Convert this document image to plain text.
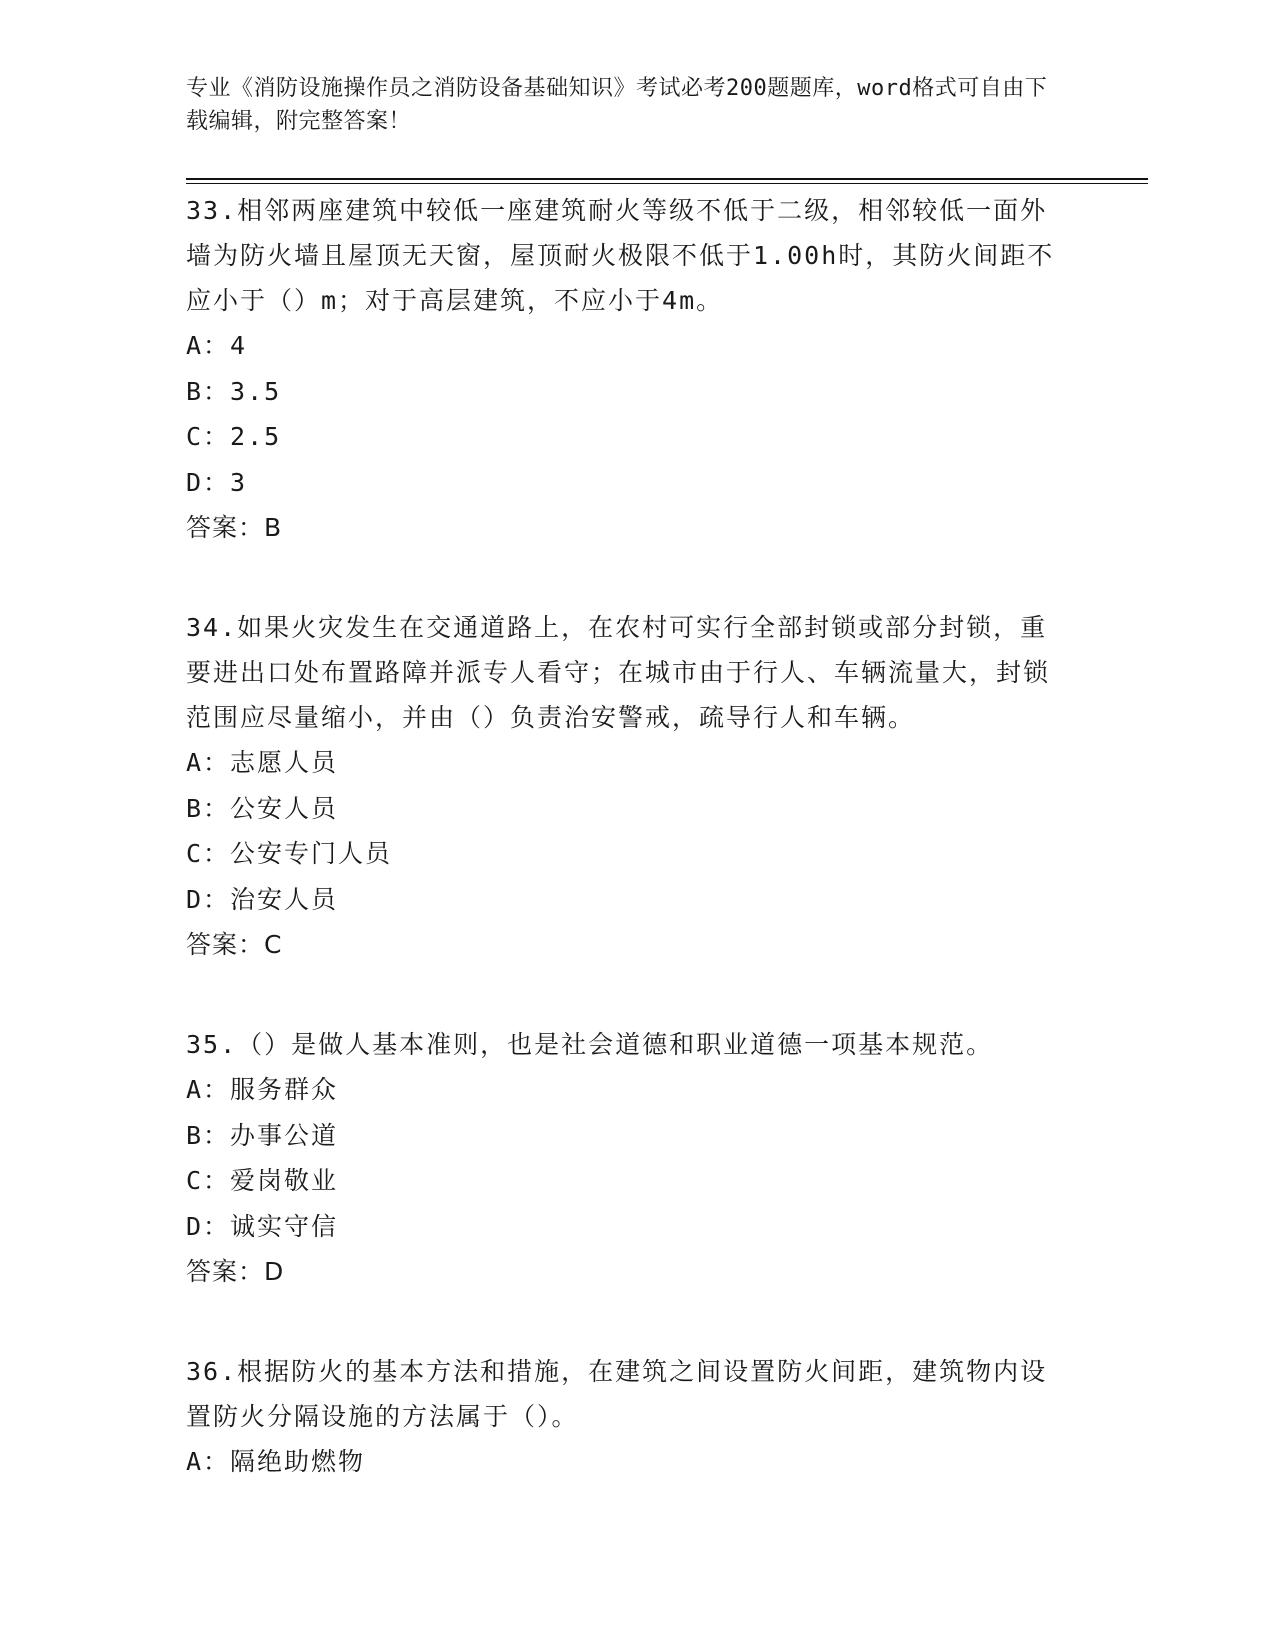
专业《消防设施操作员之消防设备基础知识》考试必考200题题库，word格式可自由下载编辑，附完整答案！
33.相邻两座建筑中较低一座建筑耐火等级不低于二级，相邻较低一面外墙为防火墙且屋顶无天窗，屋顶耐火极限不低于1.00h时，其防火间距不应小于（）m；对于高层建筑，不应小于4m。
A：4
B：3.5
C：2.5
D：3
答案：B
34.如果火灾发生在交通道路上，在农村可实行全部封锁或部分封锁，重要进出口处布置路障并派专人看守；在城市由于行人、车辆流量大，封锁范围应尽量缩小，并由（）负责治安警戒，疏导行人和车辆。
A：志愿人员
B：公安人员
C：公安专门人员
D：治安人员
答案：C
35.（）是做人基本准则，也是社会道德和职业道德一项基本规范。
A：服务群众
B：办事公道
C：爱岗敬业
D：诚实守信
答案：D
36.根据防火的基本方法和措施，在建筑之间设置防火间距，建筑物内设置防火分隔设施的方法属于（）。
A：隔绝助燃物
